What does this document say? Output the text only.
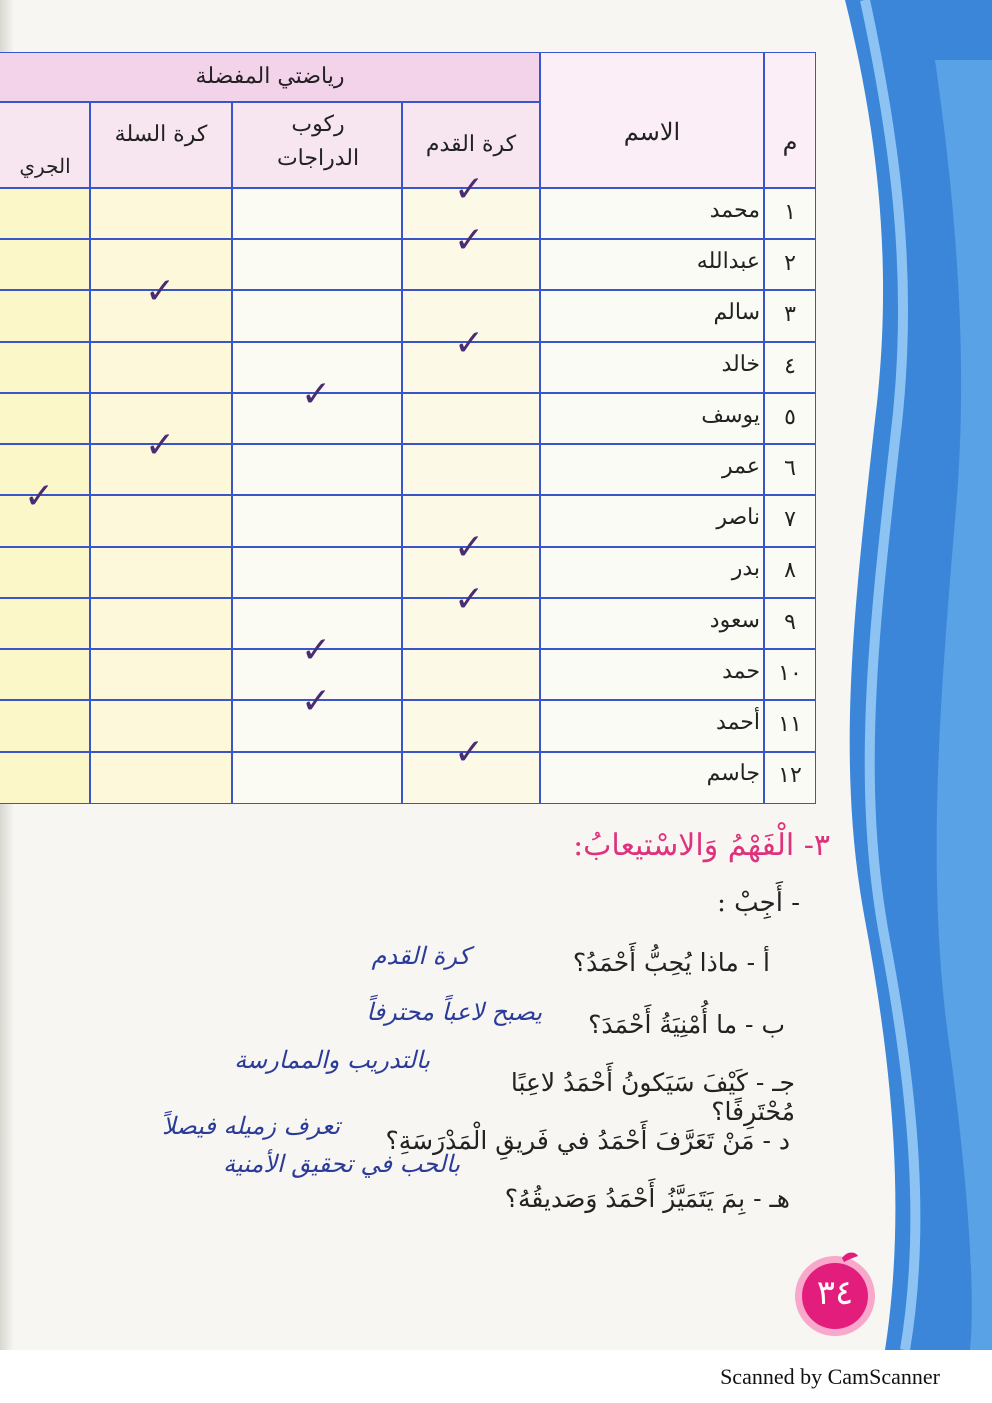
رياضتي المفضلة
م
الاسم
كرة القدم
ركوب الدراجات
كرة السلة
الجري
١
محمد
✓
٢
عبدالله
✓
٣
سالم
✓
٤
خالد
✓
٥
يوسف
✓
٦
عمر
✓
٧
ناصر
✓
٨
بدر
✓
٩
سعود
✓
١٠
حمد
✓
١١
أحمد
✓
١٢
جاسم
✓
٣- الْفَهْمُ وَالاسْتيعابُ:
- أَجِبْ :
أ - ماذا يُحِبُّ أَحْمَدُ؟
كرة القدم
ب - ما أُمْنِيَةُ أَحْمَدَ؟
يصبح لاعباً محترفاً
جـ - كَيْفَ سَيَكونُ أَحْمَدُ لاعِبًا مُحْتَرِفًا؟
بالتدريب والممارسة
د - مَنْ تَعَرَّفَ أَحْمَدُ في فَريقِ الْمَدْرَسَةِ؟
تعرف زميله فيصلاً
هـ - بِمَ يَتَمَيَّزُ أَحْمَدُ وَصَديقُهُ؟
بالحب في تحقيق الأمنية
٣٤
Scanned by CamScanner
